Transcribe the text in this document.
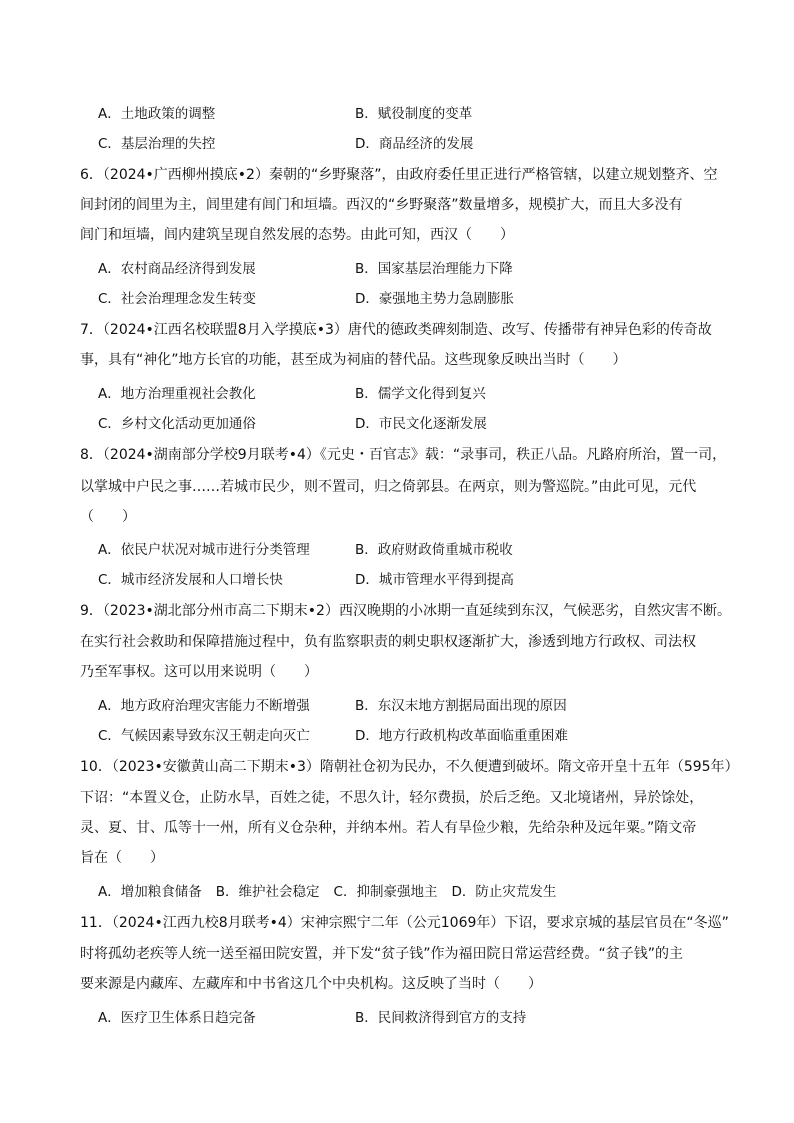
A．土地政策的调整	B．赋役制度的变革
C．基层治理的失控	D．商品经济的发展
6．（2024•广西柳州摸底•2）秦朝的“乡野聚落”，由政府委任里正进行严格管辖，以建立规划整齐、空
间封闭的闾里为主，闾里建有闾门和垣墙。西汉的“乡野聚落”数量增多，规模扩大，而且大多没有
闾门和垣墙，闾内建筑呈现自然发展的态势。由此可知，西汉（　　）
A．农村商品经济得到发展	B．国家基层治理能力下降
C．社会治理理念发生转变	D．豪强地主势力急剧膨胀
7．（2024•江西名校联盟8月入学摸底•3）唐代的德政类碑刻制造、改写、传播带有神异色彩的传奇故
事，具有“神化”地方长官的功能，甚至成为祠庙的替代品。这些现象反映出当时（　　）
A．地方治理重视社会教化	B．儒学文化得到复兴
C．乡村文化活动更加通俗	D．市民文化逐渐发展
8．（2024•湖南部分学校9月联考•4）《元史・百官志》载：“录事司，秩正八品。凡路府所治，置一司，
以掌城中户民之事……若城市民少，则不置司，归之倚郭县。在两京，则为警巡院。”由此可见，元代
（　　）
A．依民户状况对城市进行分类管理	B．政府财政倚重城市税收
C．城市经济发展和人口增长快	D．城市管理水平得到提高
9．（2023•湖北部分州市高二下期末•2）西汉晚期的小冰期一直延续到东汉，气候恶劣，自然灾害不断。
在实行社会救助和保障措施过程中，负有监察职责的刺史职权逐渐扩大，渗透到地方行政权、司法权
乃至军事权。这可以用来说明（　　）
A．地方政府治理灾害能力不断增强	B．东汉末地方割据局面出现的原因
C．气候因素导致东汉王朝走向灭亡	D．地方行政机构改革面临重重困难
10．（2023•安徽黄山高二下期末•3）隋朝社仓初为民办，不久便遭到破坏。隋文帝开皇十五年（595年）
下诏：“本置义仓，止防水旱，百姓之徒，不思久计，轻尔费损，於后乏绝。又北境诸州，异於馀处，
灵、夏、甘、瓜等十一州，所有义仓杂种，并纳本州。若人有旱俭少粮，先给杂种及远年粟。”隋文帝
旨在（　　）
A．增加粮食储备 B．维护社会稳定 C．抑制豪强地主 D．防止灾荒发生
11．（2024•江西九校8月联考•4）宋神宗熙宁二年（公元1069年）下诏，要求京城的基层官员在“冬巡”
时将孤幼老疾等人统一送至福田院安置，并下发“贫子钱”作为福田院日常运营经费。“贫子钱”的主
要来源是内藏库、左藏库和中书省这几个中央机构。这反映了当时（　　）
A．医疗卫生体系日趋完备	B．民间救济得到官方的支持
